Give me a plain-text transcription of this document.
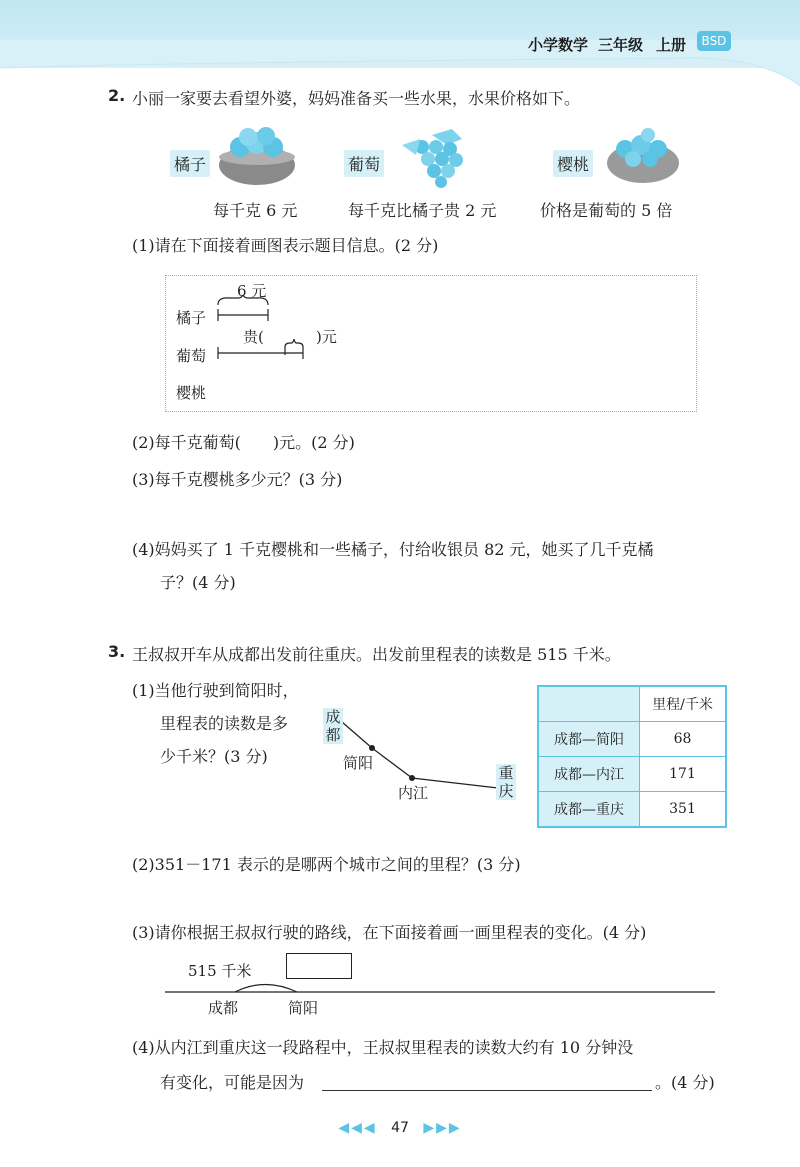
小学数学 三年级 上册	BSD
2. 小丽一家要去看望外婆，妈妈准备买一些水果，水果价格如下。
橘子	葡萄	樱桃
每千克 6 元	每千克比橘子贵 2 元	价格是葡萄的 5 倍
(1)请在下面接着画图表示题目信息。(2 分)
6 元
橘子
贵(	)元
葡萄
樱桃
(2)每千克葡萄(　　)元。(2 分)
(3)每千克樱桃多少元？(3 分)
(4)妈妈买了 1 千克樱桃和一些橘子，付给收银员 82 元，她买了几千克橘
子？(4 分)
3. 王叔叔开车从成都出发前往重庆。出发前里程表的读数是 515 千米。
(1)当他行驶到简阳时，
里程表的读数是多
少千米？(3 分)
成
都
简阳
内江
重
庆
	里程/千米
成都—简阳	68
成都—内江	171
成都—重庆	351
(2)351－171 表示的是哪两个城市之间的里程？(3 分)
(3)请你根据王叔叔行驶的路线，在下面接着画一画里程表的变化。(4 分)
515 千米
成都	简阳
(4)从内江到重庆这一段路程中，王叔叔里程表的读数大约有 10 分钟没
有变化，可能是因为	。(4 分)
◀◀◀ 47 ▶▶▶
